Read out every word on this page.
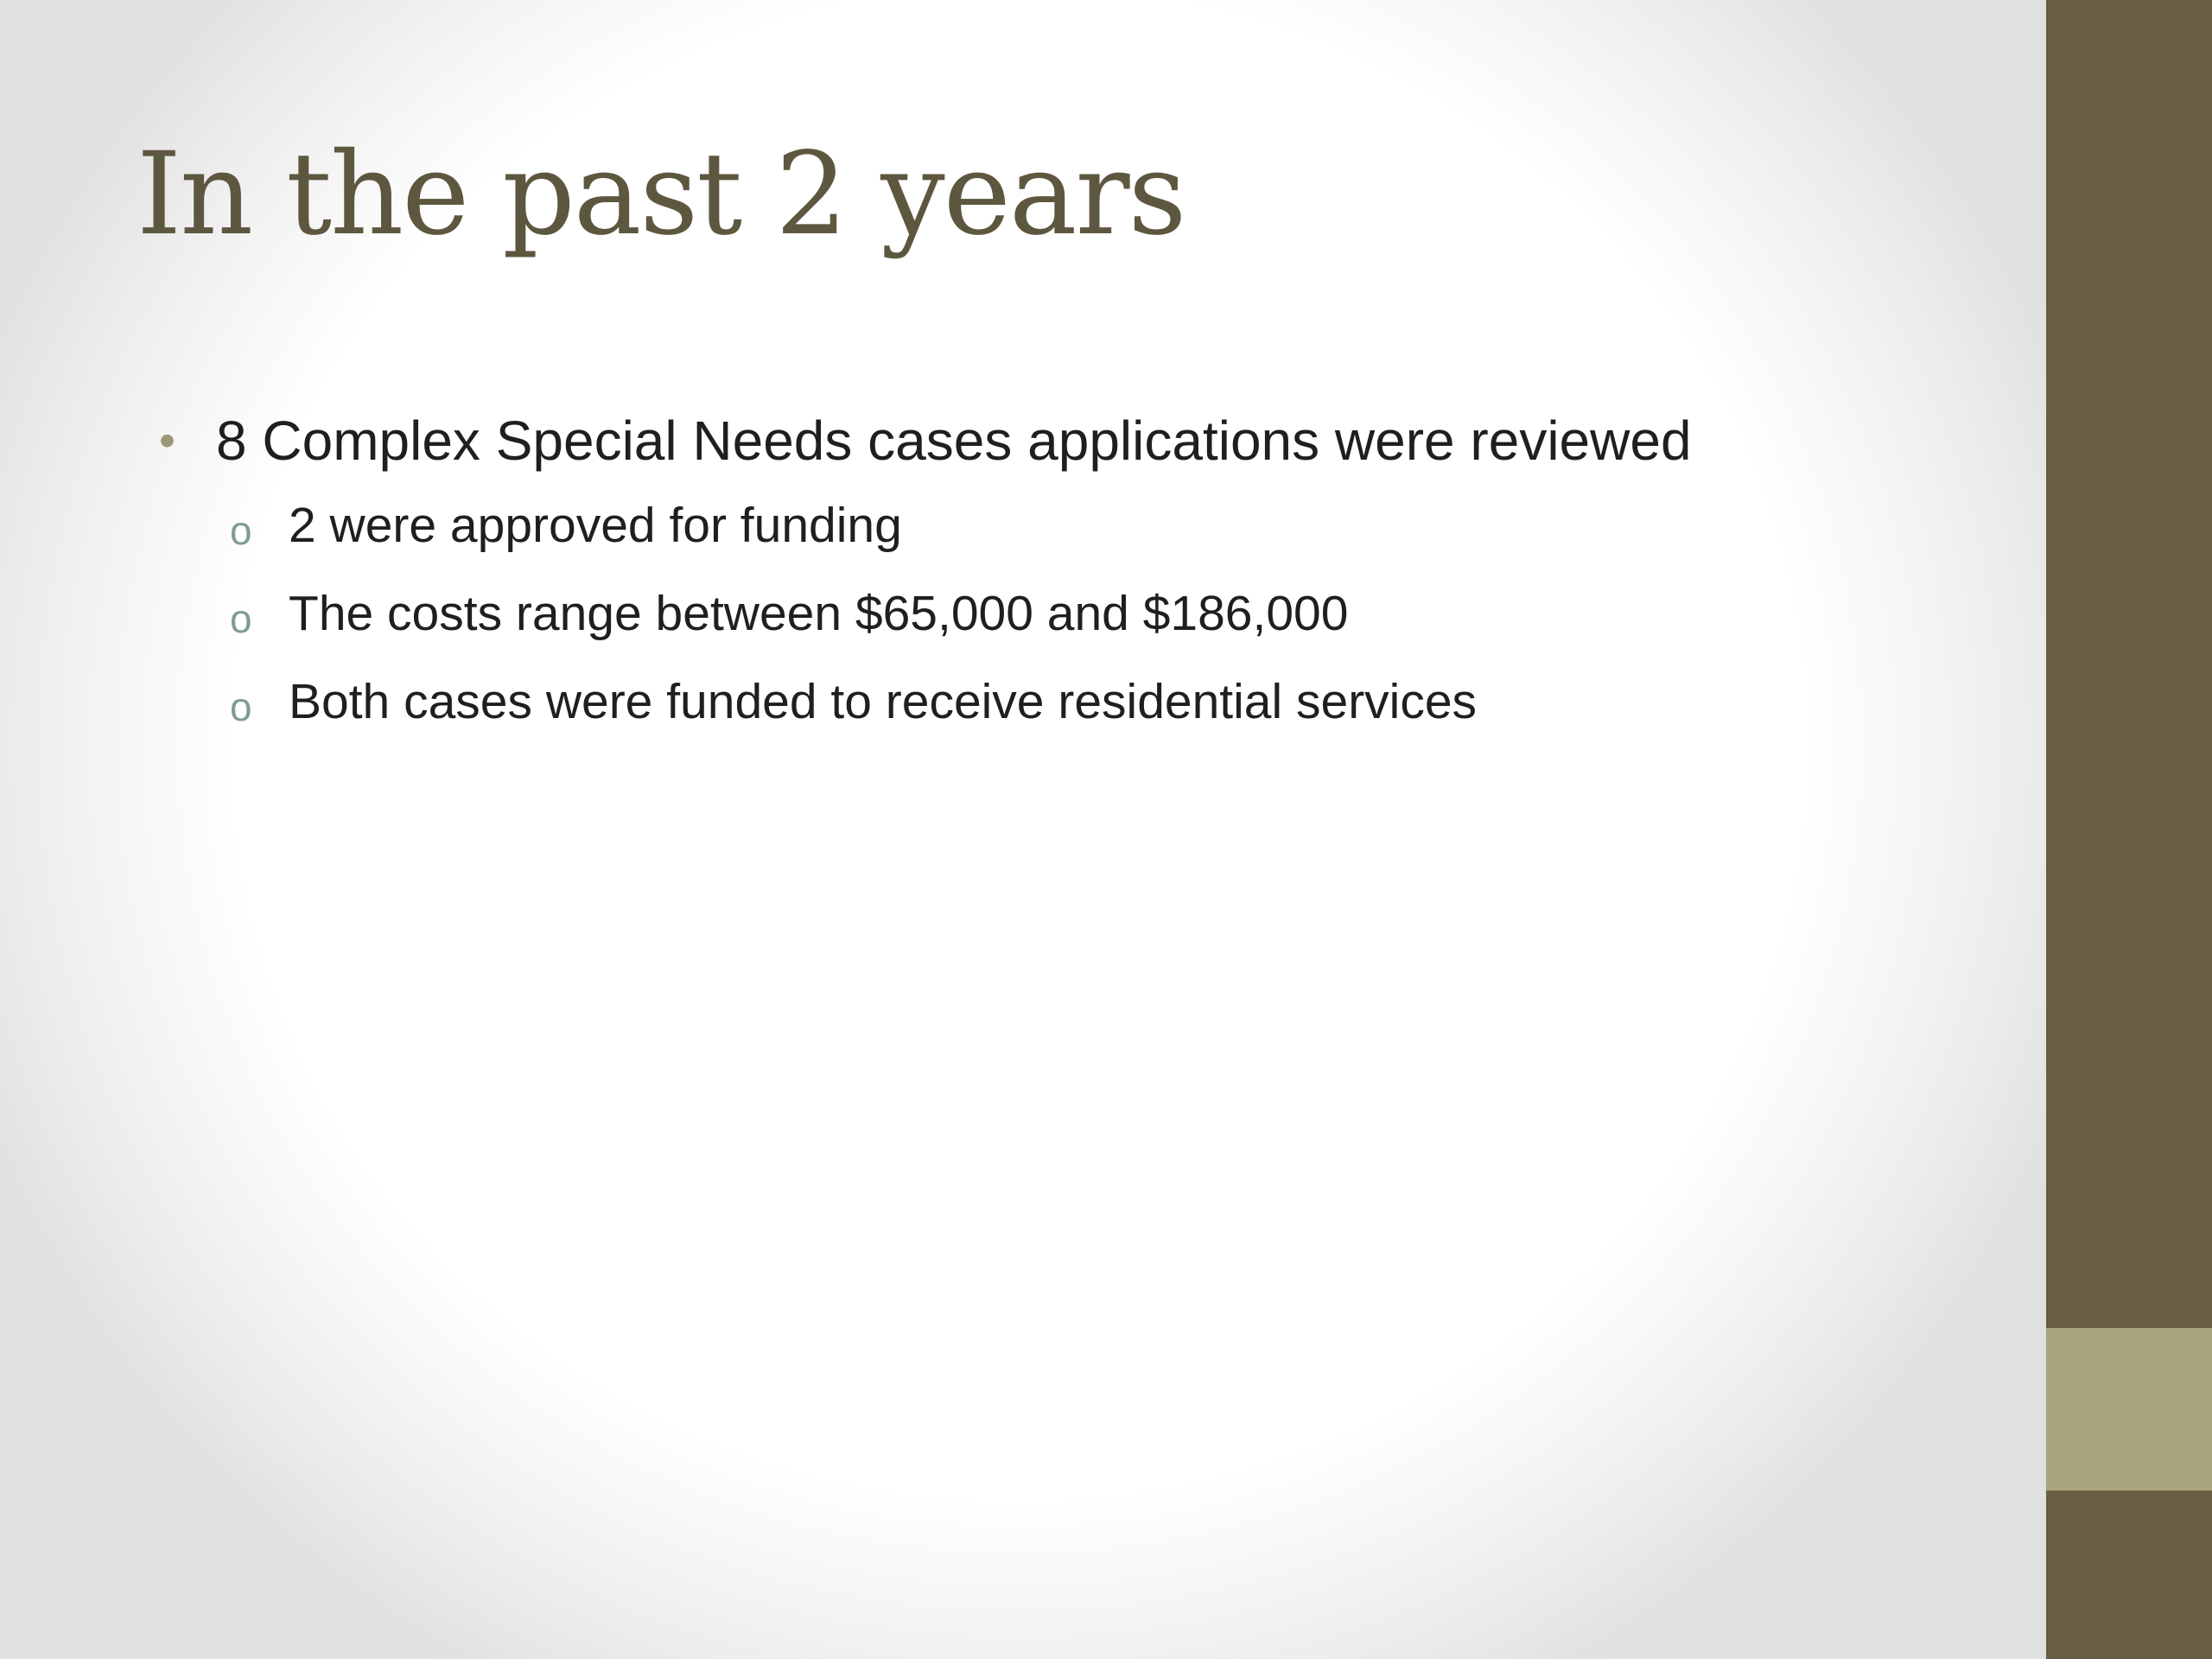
In the past 2 years
• 8 Complex Special Needs cases applications were reviewed
o 2 were approved for funding
o The costs range between $65,000 and $186,000
o Both cases were funded to receive residential services
